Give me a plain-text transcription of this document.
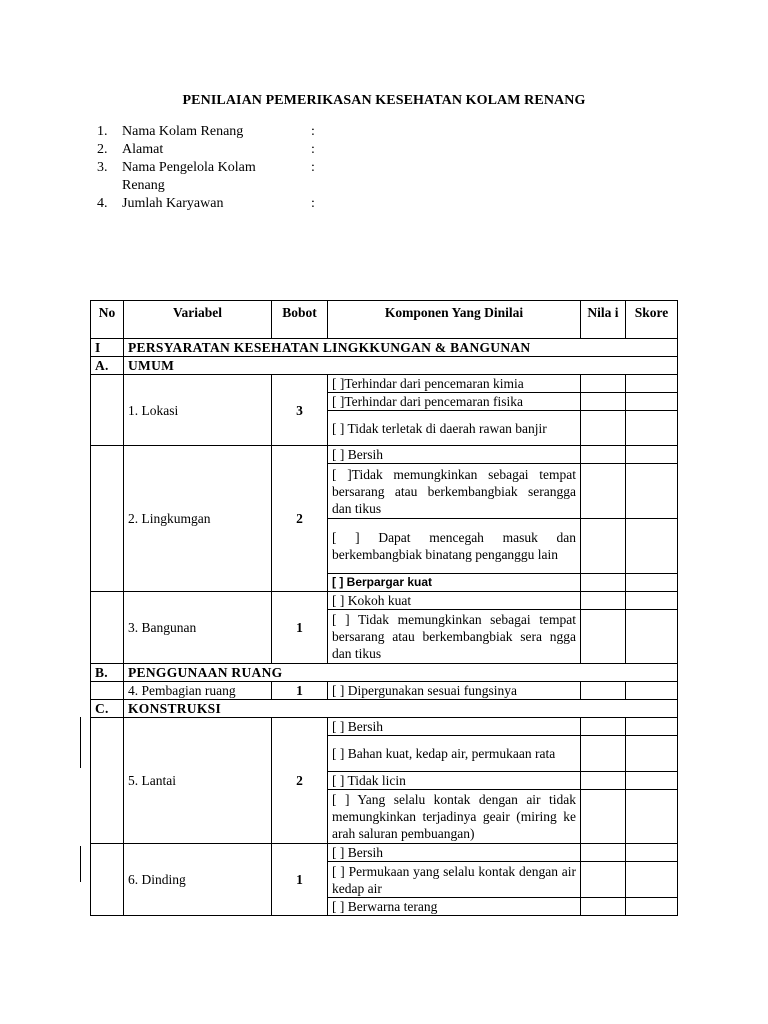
PENILAIAN PEMERIKASAN KESEHATAN KOLAM RENANG
1. Nama Kolam Renang	:
2. Alamat	:
3. Nama Pengelola Kolam Renang
:
4. Jumlah Karyawan	:
No	Variabel	Bobot	Komponen Yang Dinilai	Nila i	Skore
I	PERSYARATAN KESEHATAN LINGKKUNGAN & BANGUNAN				
A.	UMUM				
	1. Lokasi	3	[ ]Terhindar dari pencemaran kimia		
			[ ]Terhindar dari pencemaran fisika		
			[ ] Tidak terletak di daerah rawan banjir		
	2. Lingkumgan	2	[ ] Bersih		
			[ ]Tidak memungkinkan sebagai tempat bersarang atau berkembangbiak serangga dan tikus		
			[ ] Dapat mencegah masuk dan berkembangbiak binatang penganggu lain		
			[ ] Berpargar kuat		
	3. Bangunan	1	[ ] Kokoh kuat		
			[ ] Tidak memungkinkan sebagai tempat bersarang atau berkembangbiak sera ngga dan tikus		
B.	PENGGUNAAN RUANG				
	4. Pembagian ruang	1	[ ] Dipergunakan sesuai fungsinya		
C.	KONSTRUKSI				
	5. Lantai	2	[ ] Bersih		
			[ ] Bahan kuat, kedap air, permukaan rata		
			[ ] Tidak licin		
			[ ] Yang selalu kontak dengan air tidak memungkinkan terjadinya geair (miring ke arah saluran pembuangan)		
	6. Dinding	1	[ ] Bersih		
			[ ] Permukaan yang selalu kontak dengan air kedap air		
			[ ] Berwarna terang		
